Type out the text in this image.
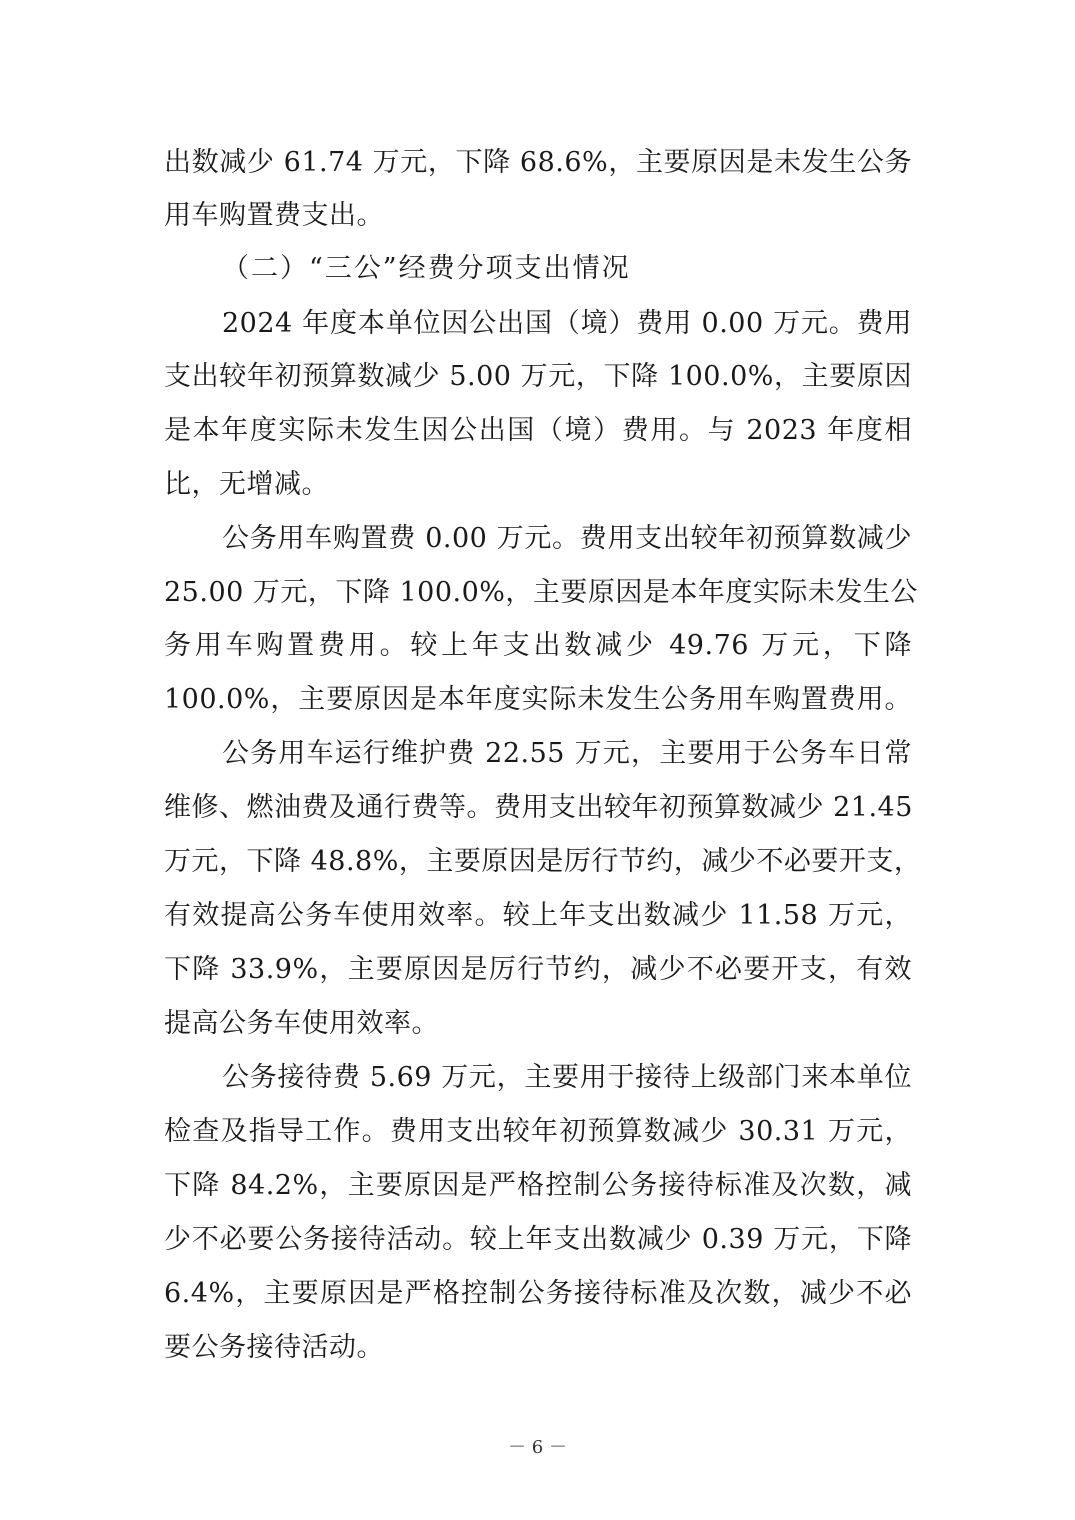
出数减少 61.74 万元，下降 68.6%，主要原因是未发生公务
用车购置费支出。
（二）“三公”经费分项支出情况
2024 年度本单位因公出国（境）费用 0.00 万元。费用
支出较年初预算数减少 5.00 万元，下降 100.0%，主要原因
是本年度实际未发生因公出国（境）费用。与 2023 年度相
比，无增减。
公务用车购置费 0.00 万元。费用支出较年初预算数减少
25.00 万元，下降 100.0%，主要原因是本年度实际未发生公
务用车购置费用。较上年支出数减少 49.76 万元，下降
100.0%，主要原因是本年度实际未发生公务用车购置费用。
公务用车运行维护费 22.55 万元，主要用于公务车日常
维修、燃油费及通行费等。费用支出较年初预算数减少 21.45
万元，下降 48.8%，主要原因是厉行节约，减少不必要开支，
有效提高公务车使用效率。较上年支出数减少 11.58 万元，
下降 33.9%，主要原因是厉行节约，减少不必要开支，有效
提高公务车使用效率。
公务接待费 5.69 万元，主要用于接待上级部门来本单位
检查及指导工作。费用支出较年初预算数减少 30.31 万元，
下降 84.2%，主要原因是严格控制公务接待标准及次数，减
少不必要公务接待活动。较上年支出数减少 0.39 万元，下降
6.4%，主要原因是严格控制公务接待标准及次数，减少不必
要公务接待活动。
－ 6 －
